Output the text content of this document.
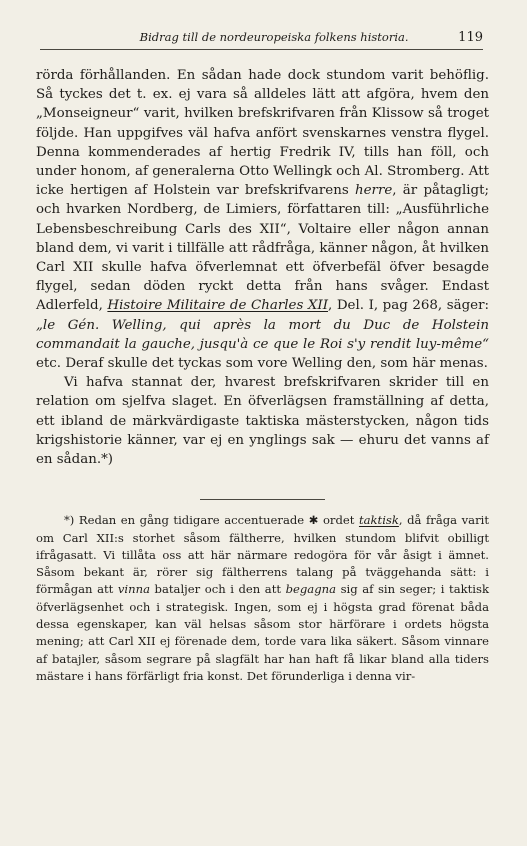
Bidrag till de nordeuropeiska folkens historia.	119

rörda förhållanden. En sådan hade dock stundom varit behöflig. Så tyckes det t. ex. ej vara så alldeles lätt att afgöra, hvem den „Monseigneur“ varit, hvilken brefskrifvaren från Klissow så troget följde. Han uppgifves väl hafva anfört svenskarnes venstra flygel. Denna kommenderades af hertig Fredrik IV, tills han föll, och under honom, af generalerna Otto Wellingk och Al. Stromberg. Att icke hertigen af Holstein var brefskrifvarens herre, är påtagligt; och hvarken Nordberg, de Limiers, författaren till: „Ausführliche Lebensbeschreibung Carls des XII“, Voltaire eller någon annan bland dem, vi varit i tillfälle att rådfråga, känner någon, åt hvilken Carl XII skulle hafva öfverlemnat ett öfverbefäl öfver besagde flygel, sedan döden ryckt detta från hans svåger. Endast Adlerfeld, Histoire Militaire de Charles XII, Del. I, pag 268, säger: „le Gén. Welling, qui après la mort du Duc de Holstein commandait la gauche, jusqu'à ce que le Roi s'y rendit luy-même“ etc. Deraf skulle det tyckas som vore Welling den, som här menas.

Vi hafva stannat der, hvarest brefskrifvaren skrider till en relation om sjelfva slaget. En öfverlägsen framställning af detta, ett ibland de märkvärdigaste taktiska mästerstycken, någon tids krigshistorie känner, var ej en ynglings sak — ehuru det vanns af en sådan.*)

*) Redan en gång tidigare accentuerade ✱ ordet taktisk, då fråga varit om Carl XII:s storhet såsom fältherre, hvilken stundom blifvit obilligt ifrågasatt. Vi tillåta oss att här närmare redogöra för vår åsigt i ämnet. Såsom bekant är, rörer sig fältherrens talang på tväggehanda sätt: i förmågan att vinna bataljer och i den att begagna sig af sin seger; i taktisk öfverlägsenhet och i strategisk. Ingen, som ej i högsta grad förenat båda dessa egenskaper, kan väl helsas såsom stor härförare i ordets högsta mening; att Carl XII ej förenade dem, torde vara lika säkert. Såsom vinnare af batajler, såsom segrare på slagfält har han haft få likar bland alla tiders mästare i hans förfärligt fria konst. Det förunderliga i denna vir-
